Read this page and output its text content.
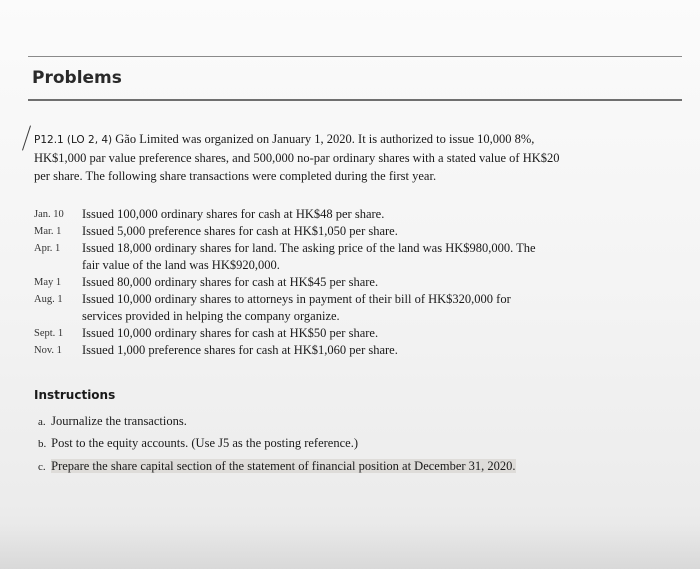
Problems
P12.1 (LO 2, 4) Gão Limited was organized on January 1, 2020. It is authorized to issue 10,000 8%,
HK$1,000 par value preference shares, and 500,000 no-par ordinary shares with a stated value of HK$20
per share. The following share transactions were completed during the first year.
Jan. 10	Issued 100,000 ordinary shares for cash at HK$48 per share.
Mar. 1	Issued 5,000 preference shares for cash at HK$1,050 per share.
Apr. 1	Issued 18,000 ordinary shares for land. The asking price of the land was HK$980,000. The
fair value of the land was HK$920,000.
May 1	Issued 80,000 ordinary shares for cash at HK$45 per share.
Aug. 1	Issued 10,000 ordinary shares to attorneys in payment of their bill of HK$320,000 for
services provided in helping the company organize.
Sept. 1	Issued 10,000 ordinary shares for cash at HK$50 per share.
Nov. 1	Issued 1,000 preference shares for cash at HK$1,060 per share.
Instructions
a. Journalize the transactions.
b. Post to the equity accounts. (Use J5 as the posting reference.)
c. Prepare the share capital section of the statement of financial position at December 31, 2020.
